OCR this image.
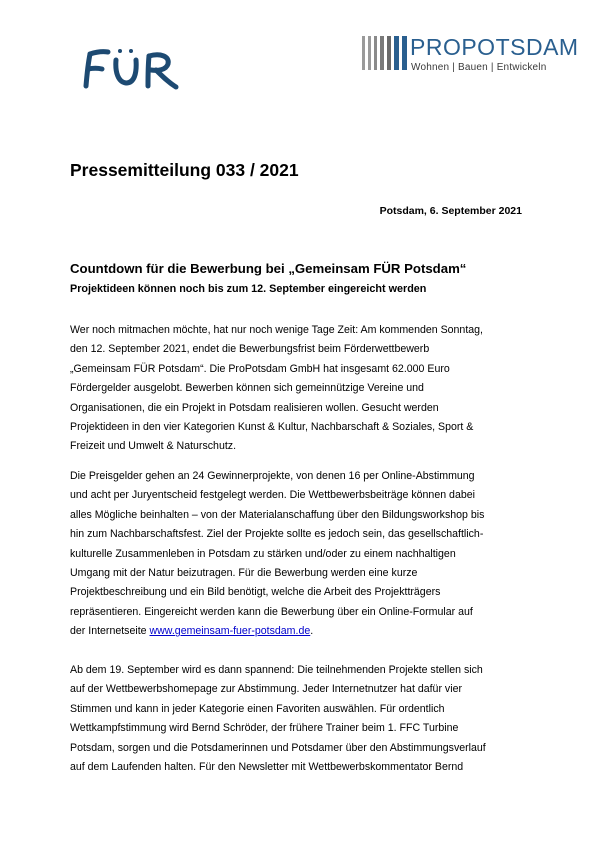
PROPOTSDAM
Wohnen | Bauen | Entwickeln
Pressemitteilung 033 / 2021
Potsdam, 6. September 2021
Countdown für die Bewerbung bei „Gemeinsam FÜR Potsdam“
Projektideen können noch bis zum 12. September eingereicht werden
Wer noch mitmachen möchte, hat nur noch wenige Tage Zeit: Am kommenden Sonntag,
den 12. September 2021, endet die Bewerbungsfrist beim Förderwettbewerb
„Gemeinsam FÜR Potsdam“. Die ProPotsdam GmbH hat insgesamt 62.000 Euro
Fördergelder ausgelobt. Bewerben können sich gemeinnützige Vereine und
Organisationen, die ein Projekt in Potsdam realisieren wollen. Gesucht werden
Projektideen in den vier Kategorien Kunst & Kultur, Nachbarschaft & Soziales, Sport &
Freizeit und Umwelt & Naturschutz.
Die Preisgelder gehen an 24 Gewinnerprojekte, von denen 16 per Online-Abstimmung
und acht per Juryentscheid festgelegt werden. Die Wettbewerbsbeiträge können dabei
alles Mögliche beinhalten – von der Materialanschaffung über den Bildungsworkshop bis
hin zum Nachbarschaftsfest. Ziel der Projekte sollte es jedoch sein, das gesellschaftlich-
kulturelle Zusammenleben in Potsdam zu stärken und/oder zu einem nachhaltigen
Umgang mit der Natur beizutragen. Für die Bewerbung werden eine kurze
Projektbeschreibung und ein Bild benötigt, welche die Arbeit des Projektträgers
repräsentieren. Eingereicht werden kann die Bewerbung über ein Online-Formular auf
der Internetseite www.gemeinsam-fuer-potsdam.de.
Ab dem 19. September wird es dann spannend: Die teilnehmenden Projekte stellen sich
auf der Wettbewerbshomepage zur Abstimmung. Jeder Internetnutzer hat dafür vier
Stimmen und kann in jeder Kategorie einen Favoriten auswählen. Für ordentlich
Wettkampfstimmung wird Bernd Schröder, der frühere Trainer beim 1. FFC Turbine
Potsdam, sorgen und die Potsdamerinnen und Potsdamer über den Abstimmungsverlauf
auf dem Laufenden halten. Für den Newsletter mit Wettbewerbskommentator Bernd
